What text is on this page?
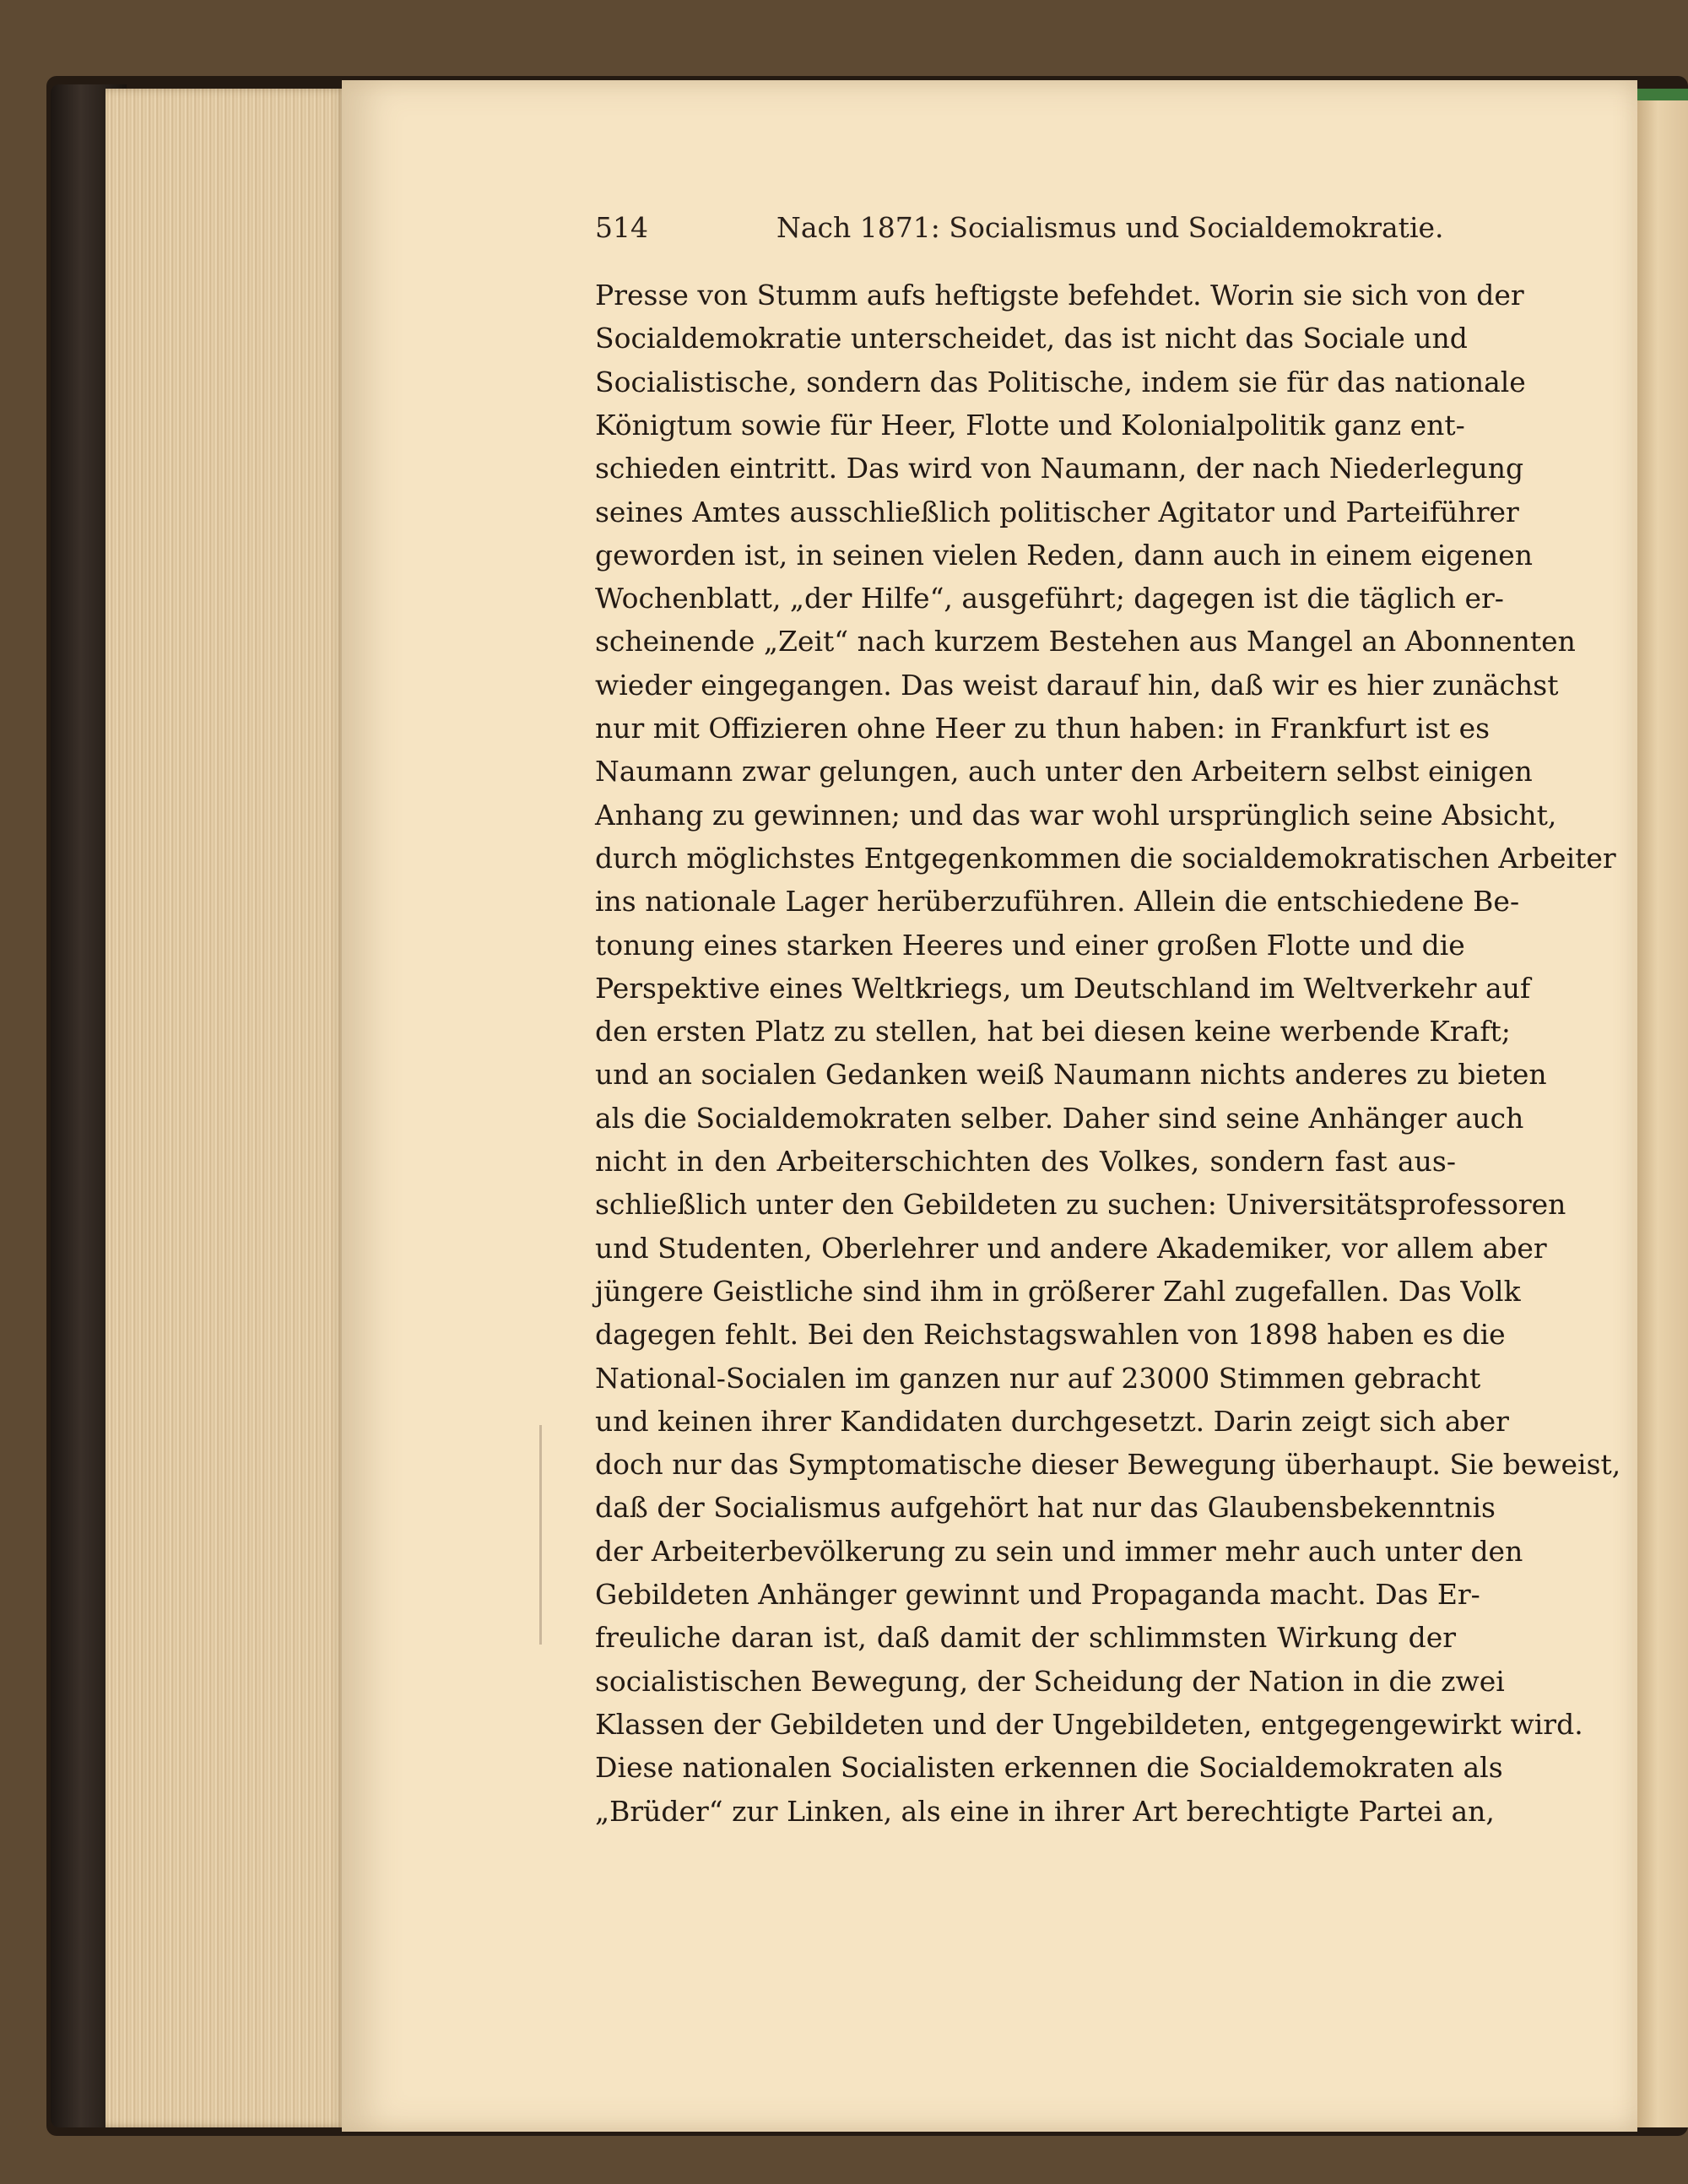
514	Nach 1871: Socialismus und Socialdemokratie.
Presse von Stumm aufs heftigste befehdet. Worin sie sich von der
Socialdemokratie unterscheidet, das ist nicht das Sociale und
Socialistische, sondern das Politische, indem sie für das nationale
Königtum sowie für Heer, Flotte und Kolonialpolitik ganz ent-
schieden eintritt. Das wird von Naumann, der nach Niederlegung
seines Amtes ausschließlich politischer Agitator und Parteiführer
geworden ist, in seinen vielen Reden, dann auch in einem eigenen
Wochenblatt, „der Hilfe“, ausgeführt; dagegen ist die täglich er-
scheinende „Zeit“ nach kurzem Bestehen aus Mangel an Abonnenten
wieder eingegangen. Das weist darauf hin, daß wir es hier zunächst
nur mit Offizieren ohne Heer zu thun haben: in Frankfurt ist es
Naumann zwar gelungen, auch unter den Arbeitern selbst einigen
Anhang zu gewinnen; und das war wohl ursprünglich seine Absicht,
durch möglichstes Entgegenkommen die socialdemokratischen Arbeiter
ins nationale Lager herüberzuführen. Allein die entschiedene Be-
tonung eines starken Heeres und einer großen Flotte und die
Perspektive eines Weltkriegs, um Deutschland im Weltverkehr auf
den ersten Platz zu stellen, hat bei diesen keine werbende Kraft;
und an socialen Gedanken weiß Naumann nichts anderes zu bieten
als die Socialdemokraten selber. Daher sind seine Anhänger auch
nicht in den Arbeiterschichten des Volkes, sondern fast aus-
schließlich unter den Gebildeten zu suchen: Universitätsprofessoren
und Studenten, Oberlehrer und andere Akademiker, vor allem aber
jüngere Geistliche sind ihm in größerer Zahl zugefallen. Das Volk
dagegen fehlt. Bei den Reichstagswahlen von 1898 haben es die
National-Socialen im ganzen nur auf 23000 Stimmen gebracht
und keinen ihrer Kandidaten durchgesetzt. Darin zeigt sich aber
doch nur das Symptomatische dieser Bewegung überhaupt. Sie beweist,
daß der Socialismus aufgehört hat nur das Glaubensbekenntnis
der Arbeiterbevölkerung zu sein und immer mehr auch unter den
Gebildeten Anhänger gewinnt und Propaganda macht. Das Er-
freuliche daran ist, daß damit der schlimmsten Wirkung der
socialistischen Bewegung, der Scheidung der Nation in die zwei
Klassen der Gebildeten und der Ungebildeten, entgegengewirkt wird.
Diese nationalen Socialisten erkennen die Socialdemokraten als
„Brüder“ zur Linken, als eine in ihrer Art berechtigte Partei an,
